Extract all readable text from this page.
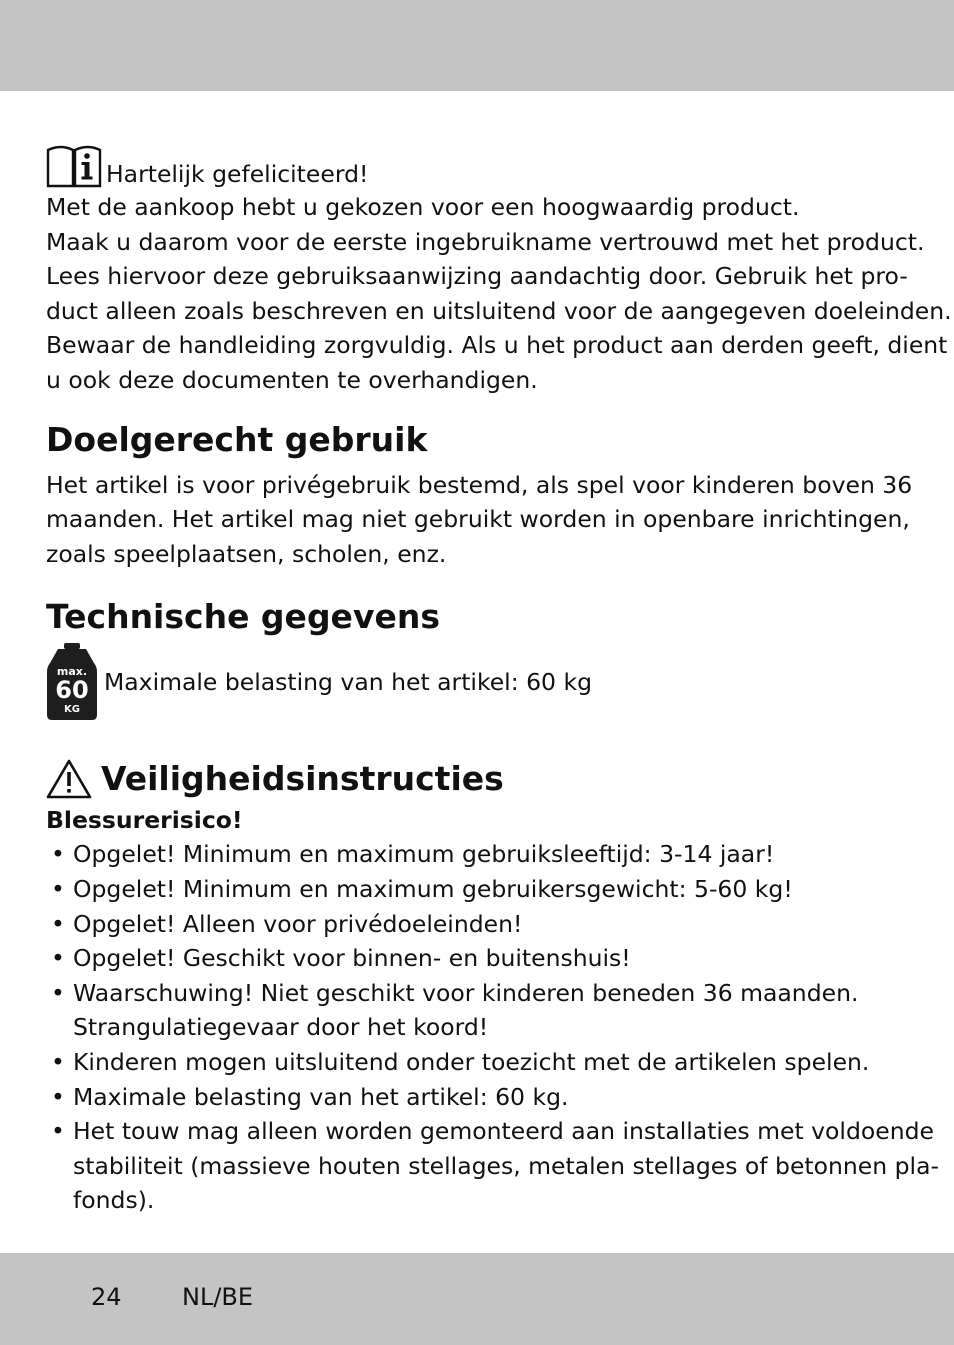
Hartelijk gefeliciteerd!

Met de aankoop hebt u gekozen voor een hoogwaardig product.

Maak u daarom voor de eerste ingebruikname vertrouwd met het product.

Lees hiervoor deze gebruiksaanwijzing aandachtig door. Gebruik het pro-

duct alleen zoals beschreven en uitsluitend voor de aangegeven doeleinden.

Bewaar de handleiding zorgvuldig. Als u het product aan derden geeft, dient

u ook deze documenten te overhandigen.

Doelgerecht gebruik

Het artikel is voor privégebruik bestemd, als spel voor kinderen boven 36

maanden. Het artikel mag niet gebruikt worden in openbare inrichtingen,

zoals speelplaatsen, scholen, enz.

Technische gegevens
max.
60
KG

Maximale belasting van het artikel: 60 kg

Veiligheidsinstructies

Blessurerisico!

• Opgelet! Minimum en maximum gebruiksleeftijd: 3-14 jaar!
• Opgelet! Minimum en maximum gebruikersgewicht: 5-60 kg!
• Opgelet! Alleen voor privédoeleinden!
• Opgelet! Geschikt voor binnen- en buitenshuis!
• Waarschuwing! Niet geschikt voor kinderen beneden 36 maanden.
Strangulatiegevaar door het koord!
• Kinderen mogen uitsluitend onder toezicht met de artikelen spelen.
• Maximale belasting van het artikel: 60 kg.
• Het touw mag alleen worden gemonteerd aan installaties met voldoende
stabiliteit (massieve houten stellages, metalen stellages of betonnen pla-
fonds).
24	NL/BE
